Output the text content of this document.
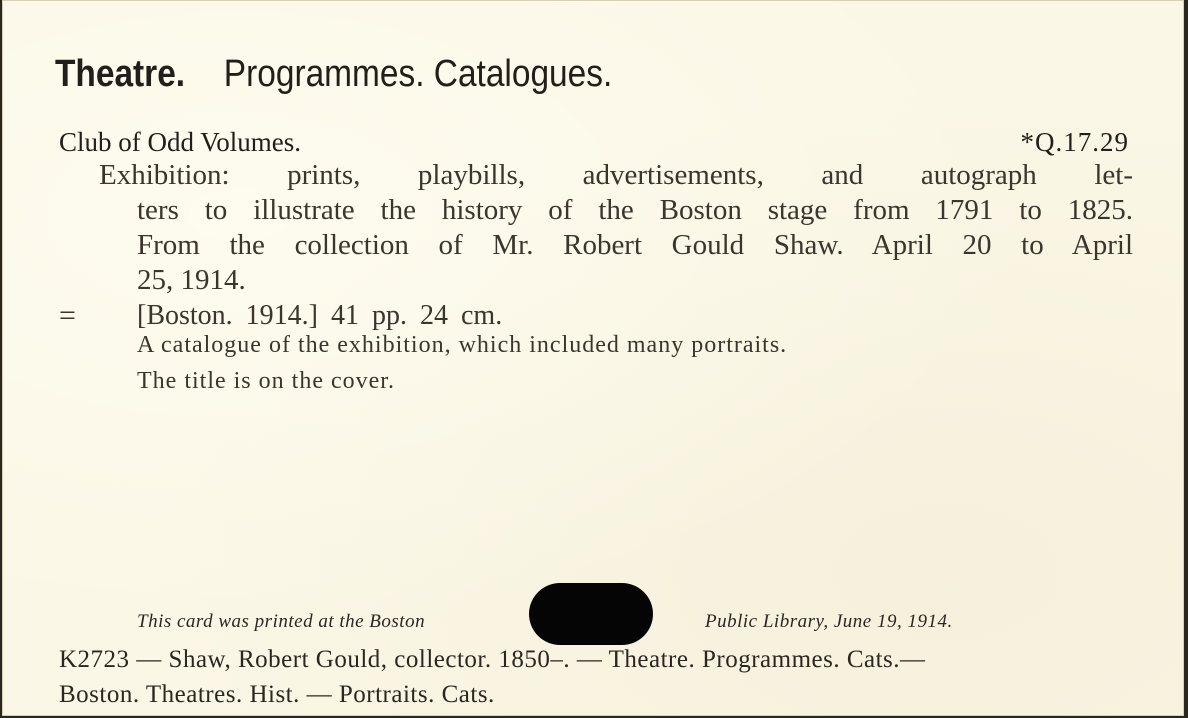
Theatre. Programmes. Catalogues.
Club of Odd Volumes.	*Q.17.29
Exhibition: prints, playbills, advertisements, and autograph let-
ters to illustrate the history of the Boston stage from 1791 to 1825.
From the collection of Mr. Robert Gould Shaw. April 20 to April
25, 1914.
= [Boston. 1914.] 41 pp. 24 cm.
A catalogue of the exhibition, which included many portraits.
The title is on the cover.
This card was printed at the Boston	Public Library, June 19, 1914.
K2723 — Shaw, Robert Gould, collector. 1850–. — Theatre. Programmes. Cats.—
Boston. Theatres. Hist. — Portraits. Cats.
